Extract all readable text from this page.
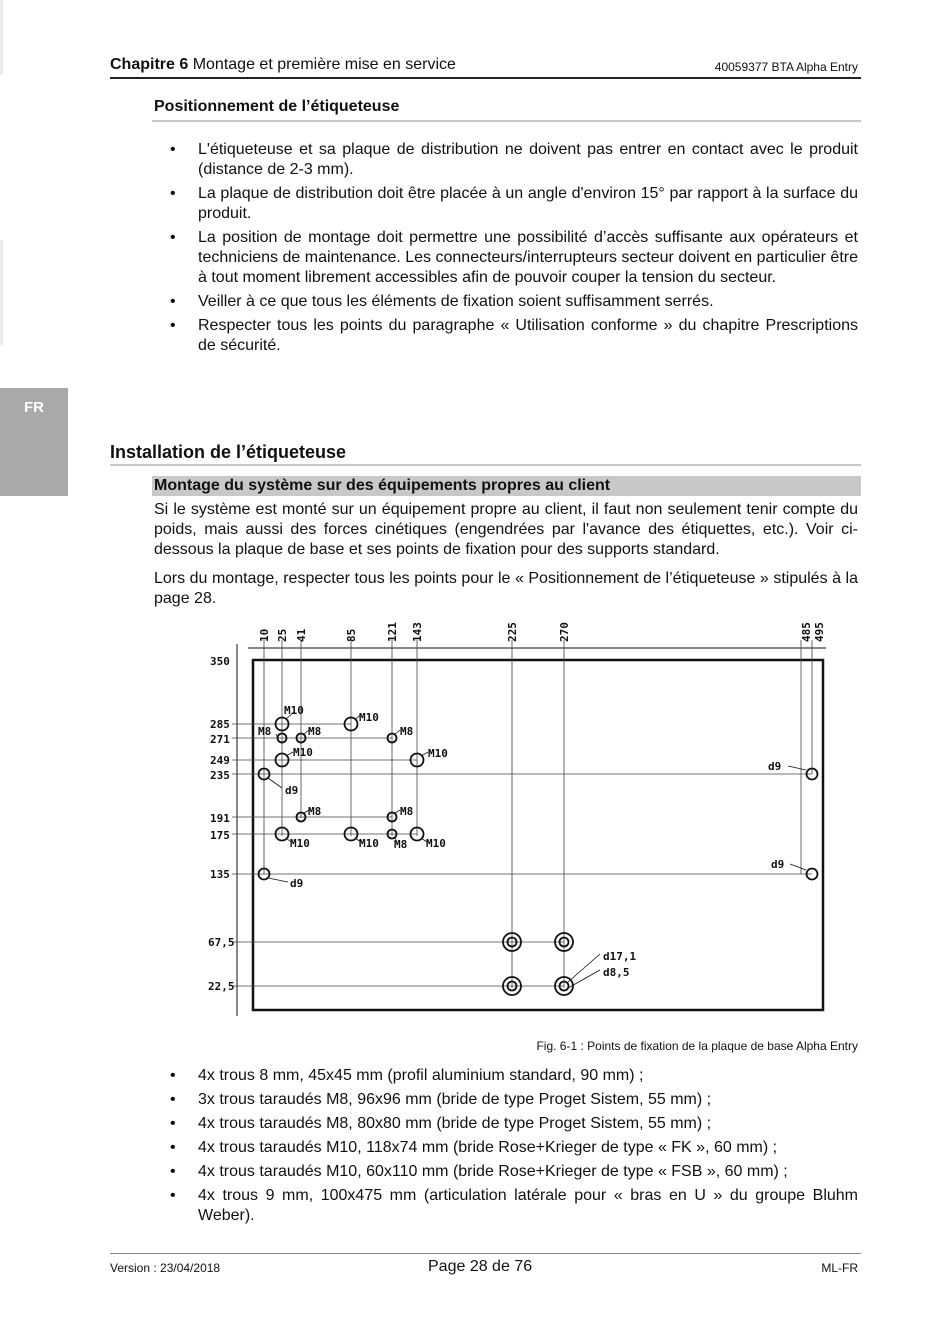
Chapitre 6 Montage et première mise en service	40059377 BTA Alpha Entry
FR
Positionnement de l’étiqueteuse
• L'étiqueteuse et sa plaque de distribution ne doivent pas entrer en contact avec le produit (distance de 2-3 mm).
• La plaque de distribution doit être placée à un angle d'environ 15° par rapport à la surface du produit.
• La position de montage doit permettre une possibilité d’accès suffisante aux opérateurs et techniciens de maintenance. Les connecteurs/interrupteurs secteur doivent en particulier être à tout moment librement accessibles afin de pouvoir couper la tension du secteur.
• Veiller à ce que tous les éléments de fixation soient suffisamment serrés.
• Respecter tous les points du paragraphe « Utilisation conforme » du chapitre Prescriptions de sécurité.
Installation de l’étiqueteuse
Montage du système sur des équipements propres au client
Si le système est monté sur un équipement propre au client, il faut non seulement tenir compte du poids, mais aussi des forces cinétiques (engendrées par l'avance des étiquettes, etc.). Voir ci-dessous la plaque de base et ses points de fixation pour des supports standard.
Lors du montage, respecter tous les points pour le « Positionnement de l’étiqueteuse » stipulés à la page 28.
10 25 41	85	121 143	225	270	485 495
350
285
271
249
235
191
175
135
67,5
22,5
M10
M10
M10	M10
M10	M10	M10
M8	M8	M8
M8	M8
M8
d9
d9
d9
d9
d17,1
d8,5
Fig. 6-1 : Points de fixation de la plaque de base Alpha Entry
• 4x trous 8 mm, 45x45 mm (profil aluminium standard, 90 mm) ;
• 3x trous taraudés M8, 96x96 mm (bride de type Proget Sistem, 55 mm) ;
• 4x trous taraudés M8, 80x80 mm (bride de type Proget Sistem, 55 mm) ;
• 4x trous taraudés M10, 118x74 mm (bride Rose+Krieger de type « FK », 60 mm) ;
• 4x trous taraudés M10, 60x110 mm (bride Rose+Krieger de type « FSB », 60 mm) ;
• 4x trous 9 mm, 100x475 mm (articulation latérale pour « bras en U » du groupe Bluhm Weber).
Version : 23/04/2018	Page 28 de 76	ML-FR
